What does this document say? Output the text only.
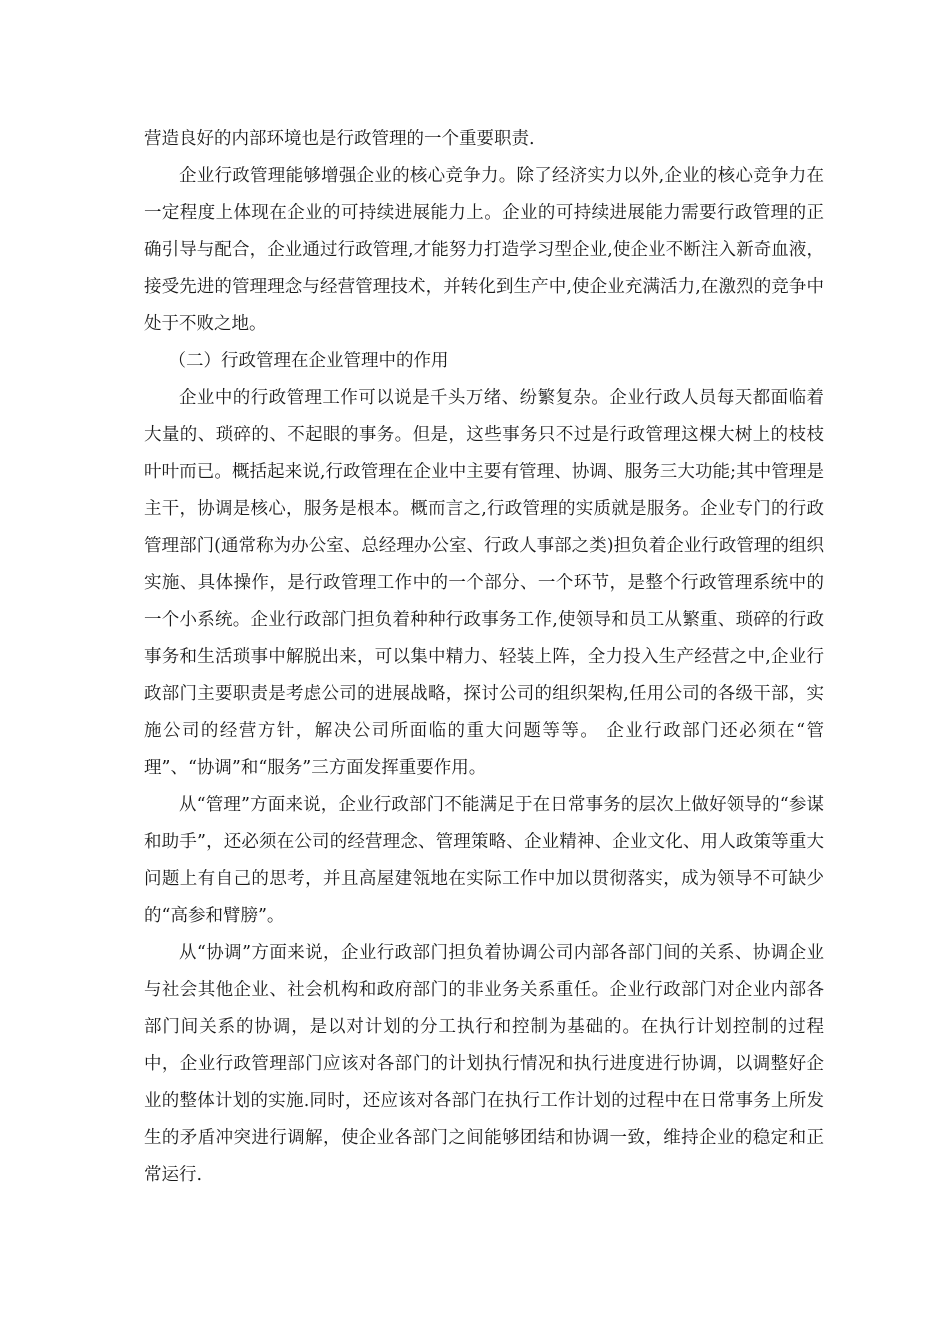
营造良好的内部环境也是行政管理的一个重要职责.

企业行政管理能够增强企业的核心竞争力。除了经济实力以外,企业的核心竞争力在一定程度上体现在企业的可持续进展能力上。企业的可持续进展能力需要行政管理的正确引导与配合，企业通过行政管理,才能努力打造学习型企业,使企业不断注入新奇血液，接受先进的管理理念与经营管理技术，并转化到生产中,使企业充满活力,在激烈的竞争中处于不败之地。

（二）行政管理在企业管理中的作用

企业中的行政管理工作可以说是千头万绪、纷繁复杂。企业行政人员每天都面临着大量的、琐碎的、不起眼的事务。但是，这些事务只不过是行政管理这棵大树上的枝枝叶叶而已。概括起来说,行政管理在企业中主要有管理、协调、服务三大功能;其中管理是主干，协调是核心，服务是根本。概而言之,行政管理的实质就是服务。企业专门的行政管理部门(通常称为办公室、总经理办公室、行政人事部之类)担负着企业行政管理的组织实施、具体操作，是行政管理工作中的一个部分、一个环节，是整个行政管理系统中的一个小系统。企业行政部门担负着种种行政事务工作,使领导和员工从繁重、琐碎的行政事务和生活琐事中解脱出来，可以集中精力、轻装上阵，全力投入生产经营之中,企业行政部门主要职责是考虑公司的进展战略，探讨公司的组织架构,任用公司的各级干部，实施公司的经营方针，解决公司所面临的重大问题等等。 企业行政部门还必须在“管理”、“协调”和“服务”三方面发挥重要作用。

从“管理”方面来说，企业行政部门不能满足于在日常事务的层次上做好领导的“参谋和助手”，还必须在公司的经营理念、管理策略、企业精神、企业文化、用人政策等重大问题上有自己的思考，并且高屋建瓴地在实际工作中加以贯彻落实，成为领导不可缺少的“高参和臂膀”。

从“协调”方面来说，企业行政部门担负着协调公司内部各部门间的关系、协调企业与社会其他企业、社会机构和政府部门的非业务关系重任。企业行政部门对企业内部各部门间关系的协调，是以对计划的分工执行和控制为基础的。在执行计划控制的过程中，企业行政管理部门应该对各部门的计划执行情况和执行进度进行协调，以调整好企业的整体计划的实施.同时，还应该对各部门在执行工作计划的过程中在日常事务上所发生的矛盾冲突进行调解，使企业各部门之间能够团结和协调一致，维持企业的稳定和正常运行.
